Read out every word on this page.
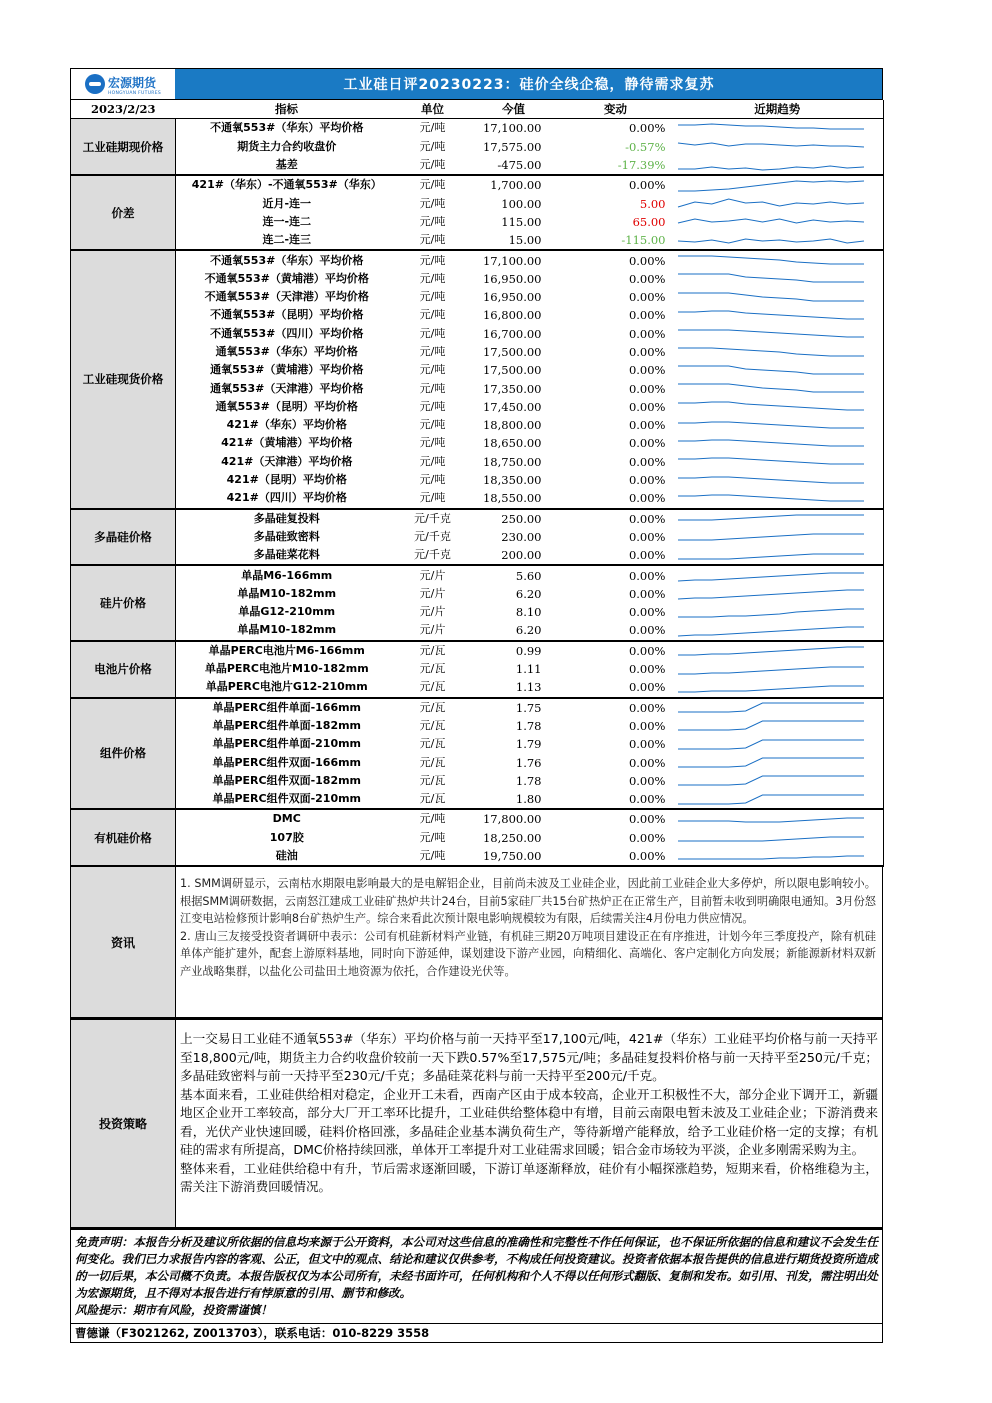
宏源期货
HONGYUAN FUTURES	工业硅日评20230223：硅价全线企稳，静待需求复苏
2023/2/23	指标	单位	今值	变动	近期趋势
工业硅期现价格	不通氧553#（华东）平均价格	元/吨	17,100.00	0.00%	

	期货主力合约收盘价	元/吨	17,575.00	-0.57%	

	基差	元/吨	-475.00	-17.39%	

价差	421#（华东）-不通氧553#（华东）	元/吨	1,700.00	0.00%	

	近月-连一	元/吨	100.00	5.00	

	连一-连二	元/吨	115.00	65.00	

	连二-连三	元/吨	15.00	-115.00	

工业硅现货价格	不通氧553#（华东）平均价格	元/吨	17,100.00	0.00%	

	不通氧553#（黄埔港）平均价格	元/吨	16,950.00	0.00%	

	不通氧553#（天津港）平均价格	元/吨	16,950.00	0.00%	

	不通氧553#（昆明）平均价格	元/吨	16,800.00	0.00%	

	不通氧553#（四川）平均价格	元/吨	16,700.00	0.00%	

	通氧553#（华东）平均价格	元/吨	17,500.00	0.00%	

	通氧553#（黄埔港）平均价格	元/吨	17,500.00	0.00%	

	通氧553#（天津港）平均价格	元/吨	17,350.00	0.00%	

	通氧553#（昆明）平均价格	元/吨	17,450.00	0.00%	

	421#（华东）平均价格	元/吨	18,800.00	0.00%	

	421#（黄埔港）平均价格	元/吨	18,650.00	0.00%	

	421#（天津港）平均价格	元/吨	18,750.00	0.00%	

	421#（昆明）平均价格	元/吨	18,350.00	0.00%	

	421#（四川）平均价格	元/吨	18,550.00	0.00%	

多晶硅价格	多晶硅复投料	元/千克	250.00	0.00%	

	多晶硅致密料	元/千克	230.00	0.00%	

	多晶硅菜花料	元/千克	200.00	0.00%	

硅片价格	单晶M6-166mm	元/片	5.60	0.00%	

	单晶M10-182mm	元/片	6.20	0.00%	

	单晶G12-210mm	元/片	8.10	0.00%	

	单晶M10-182mm	元/片	6.20	0.00%	

电池片价格	单晶PERC电池片M6-166mm	元/瓦	0.99	0.00%	

	单晶PERC电池片M10-182mm	元/瓦	1.11	0.00%	

	单晶PERC电池片G12-210mm	元/瓦	1.13	0.00%	

组件价格	单晶PERC组件单面-166mm	元/瓦	1.75	0.00%	

	单晶PERC组件单面-182mm	元/瓦	1.78	0.00%	

	单晶PERC组件单面-210mm	元/瓦	1.79	0.00%	

	单晶PERC组件双面-166mm	元/瓦	1.76	0.00%	

	单晶PERC组件双面-182mm	元/瓦	1.78	0.00%	

	单晶PERC组件双面-210mm	元/瓦	1.80	0.00%	

有机硅价格	DMC	元/吨	17,800.00	0.00%	

	107胶	元/吨	18,250.00	0.00%	

	硅油	元/吨	19,750.00	0.00%	
资讯

1. SMM调研显示，云南枯水期限电影响最大的是电解铝企业，目前尚未波及工业硅企业，因此前工业硅企业大多停炉，所以限电影响较小。根据SMM调研数据，云南怒江建成工业硅矿热炉共计24台，目前5家硅厂共15台矿热炉正在正常生产，目前暂未收到明确限电通知。3月份怒江变电站检修预计影响8台矿热炉生产。综合来看此次预计限电影响规模较为有限，后续需关注4月份电力供应情况。

2. 唐山三友接受投资者调研中表示：公司有机硅新材料产业链，有机硅三期20万吨项目建设正在有序推进，计划今年三季度投产，除有机硅单体产能扩建外，配套上游原料基地，同时向下游延伸，谋划建设下游产业园，向精细化、高端化、客户定制化方向发展；新能源新材料双新产业战略集群，以盐化公司盐田土地资源为依托，合作建设光伏等。

投资策略

上一交易日工业硅不通氧553#（华东）平均价格与前一天持平至17,100元/吨，421#（华东）工业硅平均价格与前一天持平至18,800元/吨，期货主力合约收盘价较前一天下跌0.57%至17,575元/吨；多晶硅复投料价格与前一天持平至250元/千克；多晶硅致密料与前一天持平至230元/千克；多晶硅菜花料与前一天持平至200元/千克。

基本面来看，工业硅供给相对稳定，企业开工未看，西南产区由于成本较高，企业开工积极性不大，部分企业下调开工，新疆地区企业开工率较高，部分大厂开工率环比提升，工业硅供给整体稳中有增，目前云南限电暂未波及工业硅企业；下游消费来看，光伏产业快速回暖，硅料价格回涨，多晶硅企业基本满负荷生产，等待新增产能释放，给予工业硅价格一定的支撑；有机硅的需求有所提高，DMC价格持续回涨，单体开工率提升对工业硅需求回暖；铝合金市场较为平淡，企业多刚需采购为主。

整体来看，工业硅供给稳中有升，节后需求逐渐回暖，下游订单逐渐释放，硅价有小幅探涨趋势，短期来看，价格维稳为主，需关注下游消费回暖情况。

免责声明：本报告分析及建议所依据的信息均来源于公开资料，本公司对这些信息的准确性和完整性不作任何保证，也不保证所依据的信息和建议不会发生任何变化。我们已力求报告内容的客观、公正，但文中的观点、结论和建议仅供参考，不构成任何投资建议。投资者依据本报告提供的信息进行期货投资所造成的一切后果，本公司概不负责。本报告版权仅为本公司所有，未经书面许可，任何机构和个人不得以任何形式翻版、复制和发布。如引用、刊发，需注明出处为宏源期货，且不得对本报告进行有悖原意的引用、删节和修改。

风险提示：期市有风险，投资需谨慎！

曹德谦（F3021262, Z0013703），联系电话：010-8229 3558
